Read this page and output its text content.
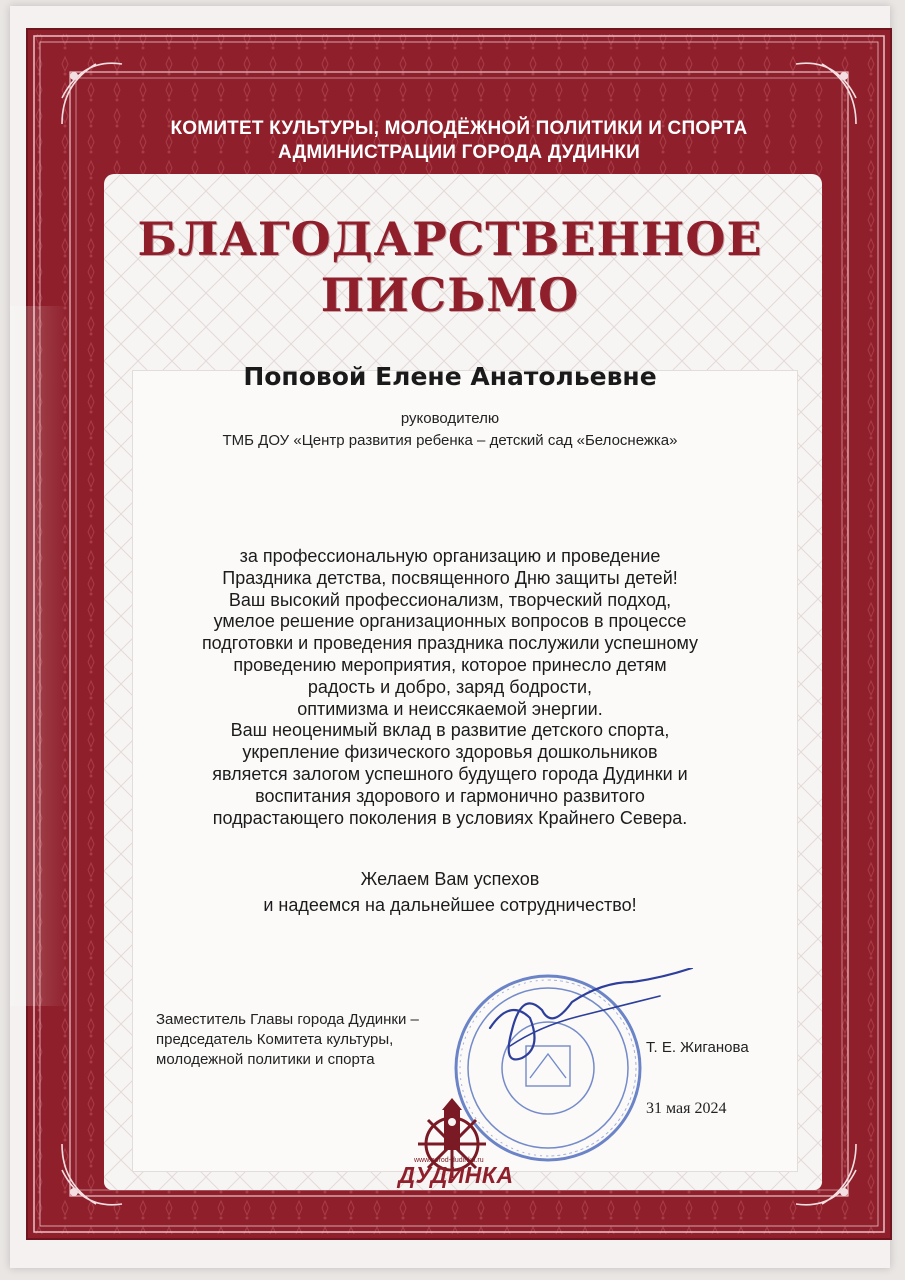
КОМИТЕТ КУЛЬТУРЫ, МОЛОДЁЖНОЙ ПОЛИТИКИ И СПОРТА
АДМИНИСТРАЦИИ ГОРОДА ДУДИНКИ
БЛАГОДАРСТВЕННОЕ
ПИСЬМО
Поповой Елене Анатольевне
руководителю
ТМБ ДОУ «Центр развития ребенка – детский сад «Белоснежка»
за профессиональную организацию и проведение
Праздника детства, посвященного Дню защиты детей!
Ваш высокий профессионализм, творческий подход,
умелое решение организационных вопросов в процессе
подготовки и проведения праздника послужили успешному
проведению мероприятия, которое принесло детям
радость и добро, заряд бодрости,
оптимизма и неиссякаемой энергии.
Ваш неоценимый вклад в развитие детского спорта,
укрепление физического здоровья дошкольников
является залогом успешного будущего города Дудинки и
воспитания здорового и гармонично развитого
подрастающего поколения в условиях Крайнего Севера.
Желаем Вам успехов
и надеемся на дальнейшее сотрудничество!
Заместитель Главы города Дудинки –
председатель Комитета культуры,
молодежной политики и спорта
Т. Е. Жиганова
31 мая 2024
www.gorod-dudinka.ru
ДУДИНКА
